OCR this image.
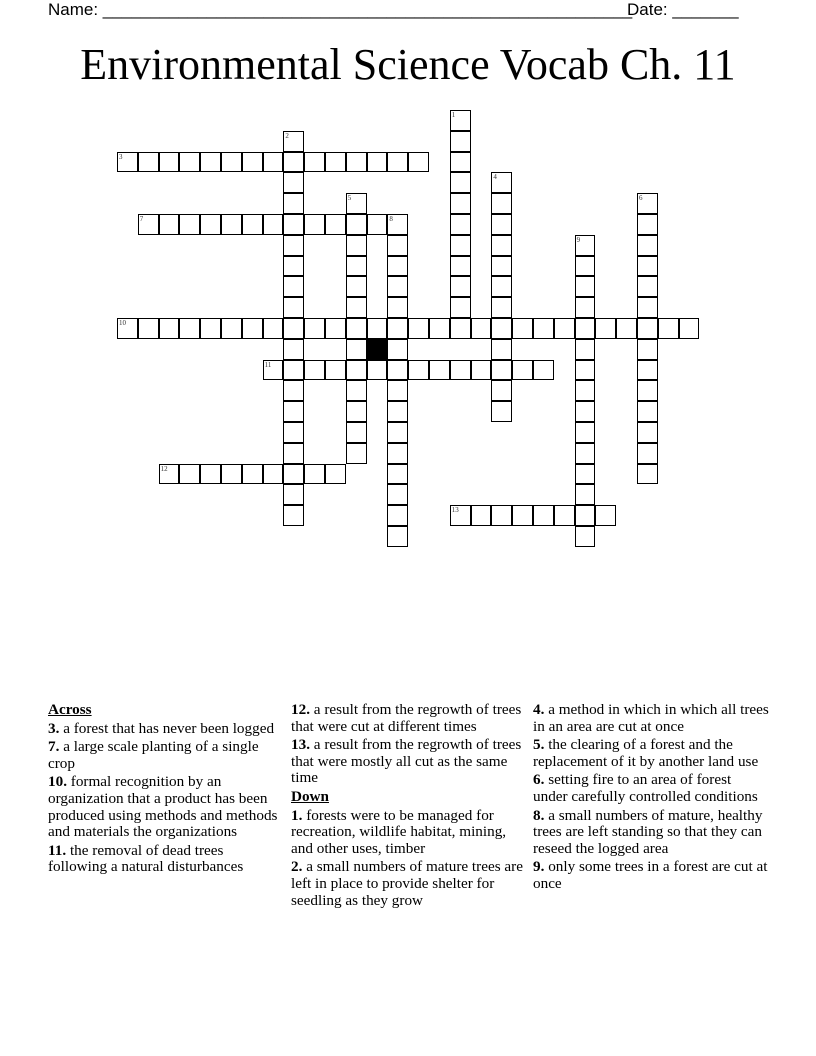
Name: ________________________________________________________
Date: _______
Environmental Science Vocab Ch. 11
1
2
3
4
5	6
7	8
9
10
11
12
13

Across

3. a forest that has never been logged

7. a large scale planting of a single crop

10. formal recognition by an organization that a product has been produced using methods and methods and materials the organizations

11. the removal of dead trees following a natural disturbances

12. a result from the regrowth of trees that were cut at different times

13. a result from the regrowth of trees that were mostly all cut as the same time

Down

1. forests were to be managed for recreation, wildlife habitat, mining, and other uses, timber

2. a small numbers of mature trees are left in place to provide shelter for seedling as they grow

4. a method in which in which all trees in an area are cut at once

5. the clearing of a forest and the replacement of it by another land use

6. setting fire to an area of forest under carefully controlled conditions

8. a small numbers of mature, healthy trees are left standing so that they can reseed the logged area

9. only some trees in a forest are cut at once
